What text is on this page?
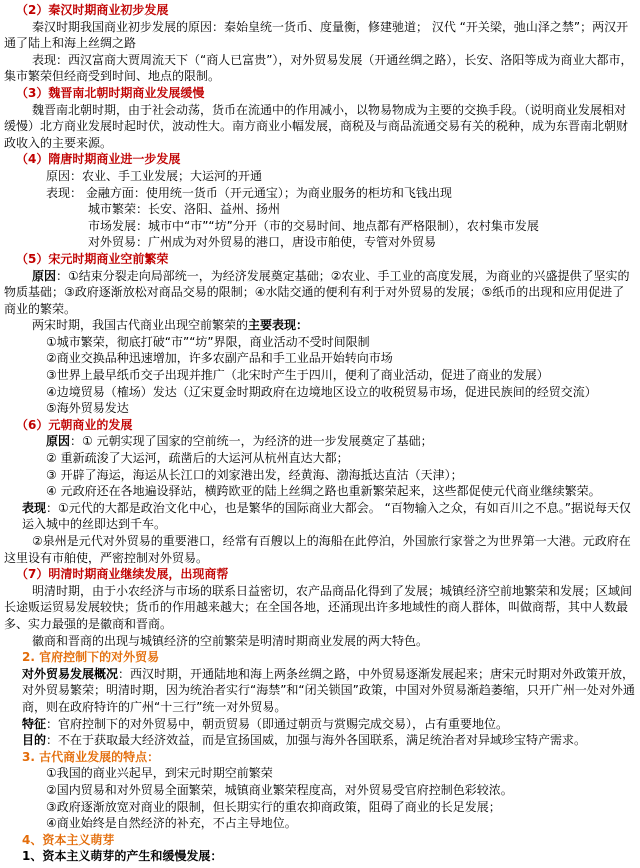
（2）秦汉时期商业初步发展

秦汉时期我国商业初步发展的原因：秦始皇统一货币、度量衡，修建驰道； 汉代 “开关梁，弛山泽之禁”；两汉开通了陆上和海上丝绸之路

表现：西汉富商大贾周流天下（“商人已富贵”），对外贸易发展（开通丝绸之路），长安、洛阳等成为商业大都市，集市繁荣但经商受到时间、地点的限制。

（3）魏晋南北朝时期商业发展缓慢

魏晋南北朝时期，由于社会动荡，货币在流通中的作用减小，以物易物成为主要的交换手段。（说明商业发展相对缓慢）北方商业发展时起时伏，波动性大。南方商业小幅发展，商税及与商品流通交易有关的税种，成为东晋南北朝财政收入的主要来源。

（4）隋唐时期商业进一步发展

原因：农业、手工业发展；大运河的开通

表现： 金融方面：使用统一货币（开元通宝）；为商业服务的柜坊和飞钱出现

城市繁荣：长安、洛阳、益州、扬州

市场发展：城市中“市”“坊”分开（市的交易时间、地点都有严格限制），农村集市发展

对外贸易：广州成为对外贸易的港口，唐设市舶使，专管对外贸易

（5）宋元时期商业空前繁荣

原因：①结束分裂走向局部统一，为经济发展奠定基础；②农业、手工业的高度发展，为商业的兴盛提供了坚实的物质基础；③政府逐渐放松对商品交易的限制；④水陆交通的便利有利于对外贸易的发展；⑤纸币的出现和应用促进了商业的繁荣。

两宋时期，我国古代商业出现空前繁荣的主要表现：

①城市繁荣，彻底打破“市”“坊”界限，商业活动不受时间限制

②商业交换品种迅速增加，许多农副产品和手工业品开始转向市场

③世界上最早纸币交子出现并推广（北宋时产生于四川，便利了商业活动，促进了商业的发展）

④边境贸易（榷场）发达（辽宋夏金时期政府在边境地区设立的收税贸易市场，促进民族间的经贸交流）

⑤海外贸易发达

（6）元朝商业的发展

原因：① 元朝实现了国家的空前统一，为经济的进一步发展奠定了基础；

② 重新疏浚了大运河，疏凿后的大运河从杭州直达大都；

③ 开辟了海运，海运从长江口的刘家港出发，经黄海、渤海抵达直沽（天津）；

④ 元政府还在各地遍设驿站，横跨欧亚的陆上丝绸之路也重新繁荣起来，这些都促使元代商业继续繁荣。

表现：①元代的大都是政治文化中心，也是繁华的国际商业大都会。 “百物输入之众，有如百川之不息。”据说每天仅运入城中的丝即达到千车。

②泉州是元代对外贸易的重要港口，经常有百艘以上的海船在此停泊，外国旅行家誉之为世界第一大港。元政府在这里设有市舶使，严密控制对外贸易。

（7）明清时期商业继续发展，出现商帮

明清时期，由于小农经济与市场的联系日益密切，农产品商品化得到了发展；城镇经济空前地繁荣和发展；区域间长途贩运贸易发展较快；货币的作用越来越大；在全国各地，还涌现出许多地域性的商人群体，叫做商帮，其中人数最多、实力最强的是徽商和晋商。

徽商和晋商的出现与城镇经济的空前繁荣是明清时期商业发展的两大特色。

2. 官府控制下的对外贸易

对外贸易发展概况：西汉时期，开通陆地和海上两条丝绸之路，中外贸易逐渐发展起来；唐宋元时期对外政策开放，对外贸易繁荣；明清时期，因为统治者实行“海禁”和“闭关锁国”政策，中国对外贸易渐趋萎缩，只开广州一处对外通商，则在政府特许的广州“十三行”统一对外贸易。

特征：官府控制下的对外贸易中，朝贡贸易（即通过朝贡与赏赐完成交易），占有重要地位。

目的：不在于获取最大经济效益，而是宣扬国威，加强与海外各国联系，满足统治者对异域珍宝特产需求。

3. 古代商业发展的特点：

①我国的商业兴起早，到宋元时期空前繁荣

②国内贸易和对外贸易全面繁荣，城镇商业繁荣程度高，对外贸易受官府控制色彩较浓。

③政府逐渐放宽对商业的限制，但长期实行的重农抑商政策，阻碍了商业的长足发展；

④商业始终是自然经济的补充，不占主导地位。

4、资本主义萌芽

1、资本主义萌芽的产生和缓慢发展：
